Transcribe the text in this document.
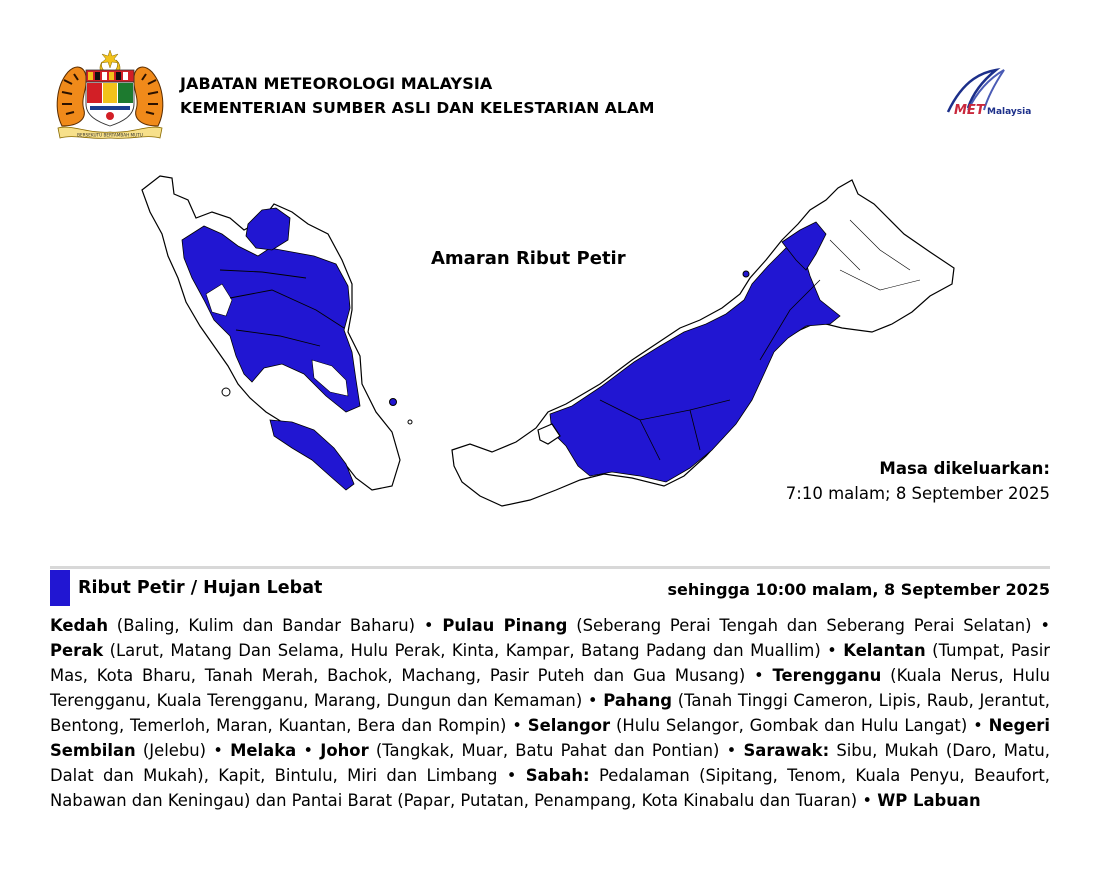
BERSEKUTU BERTAMBAH MUTU
JABATAN METEOROLOGI MALAYSIA
KEMENTERIAN SUMBER ASLI DAN KELESTARIAN ALAM	MET Malaysia
Amaran Ribut Petir
Masa dikeluarkan:
7:10 malam; 8 September 2025
Ribut Petir / Hujan Lebat	sehingga 10:00 malam, 8 September 2025
Kedah (Baling, Kulim dan Bandar Baharu) • Pulau Pinang (Seberang Perai Tengah dan Seberang Perai Selatan) • Perak (Larut, Matang Dan Selama, Hulu Perak, Kinta, Kampar, Batang Padang dan Muallim) • Kelantan (Tumpat, Pasir Mas, Kota Bharu, Tanah Merah, Bachok, Machang, Pasir Puteh dan Gua Musang) • Terengganu (Kuala Nerus, Hulu Terengganu, Kuala Terengganu, Marang, Dungun dan Kemaman) • Pahang (Tanah Tinggi Cameron, Lipis, Raub, Jerantut, Bentong, Temerloh, Maran, Kuantan, Bera dan Rompin) • Selangor (Hulu Selangor, Gombak dan Hulu Langat) • Negeri Sembilan (Jelebu) • Melaka • Johor (Tangkak, Muar, Batu Pahat dan Pontian) • Sarawak: Sibu, Mukah (Daro, Matu, Dalat dan Mukah), Kapit, Bintulu, Miri dan Limbang • Sabah: Pedalaman (Sipitang, Tenom, Kuala Penyu, Beaufort, Nabawan dan Keningau) dan Pantai Barat (Papar, Putatan, Penampang, Kota Kinabalu dan Tuaran) • WP Labuan
